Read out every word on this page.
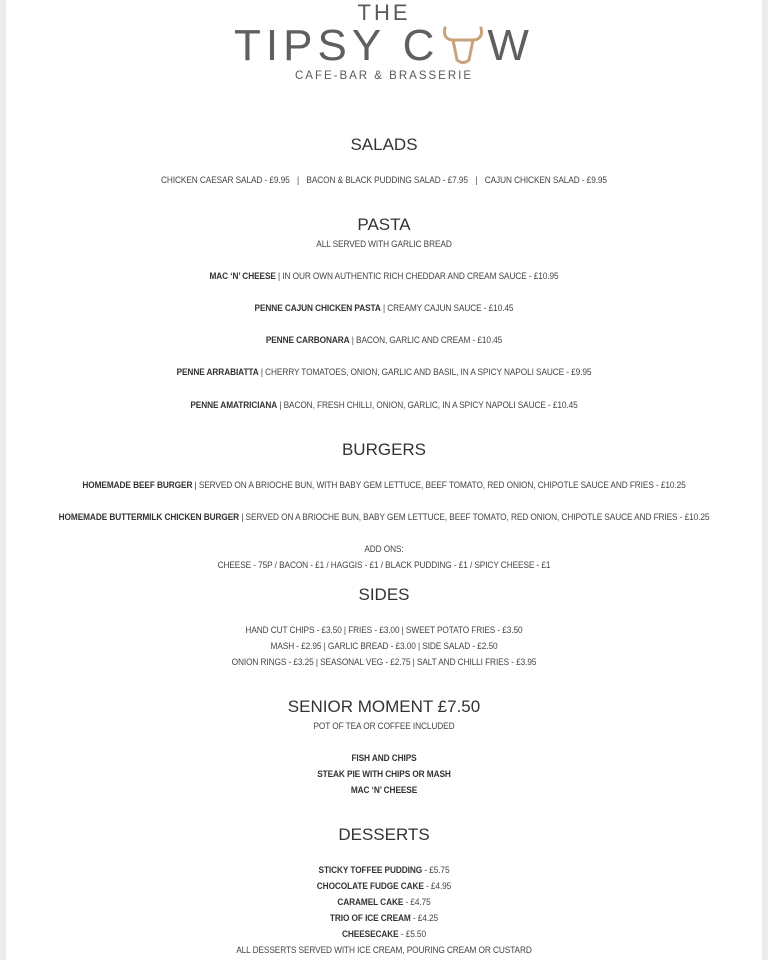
THE
TIPSY C W
CAFE-BAR & BRASSERIE
SALADS
CHICKEN CAESAR SALAD - £9.95 | BACON & BLACK PUDDING SALAD - £7.95 | CAJUN CHICKEN SALAD - £9.95
PASTA
ALL SERVED WITH GARLIC BREAD
MAC ‘N’ CHEESE | IN OUR OWN AUTHENTIC RICH CHEDDAR AND CREAM SAUCE - £10.95
PENNE CAJUN CHICKEN PASTA | CREAMY CAJUN SAUCE - £10.45
PENNE CARBONARA | BACON, GARLIC AND CREAM - £10.45
PENNE ARRABIATTA | CHERRY TOMATOES, ONION, GARLIC AND BASIL, IN A SPICY NAPOLI SAUCE - £9.95
PENNE AMATRICIANA | BACON, FRESH CHILLI, ONION, GARLIC, IN A SPICY NAPOLI SAUCE - £10.45
BURGERS
HOMEMADE BEEF BURGER | SERVED ON A BRIOCHE BUN, WITH BABY GEM LETTUCE, BEEF TOMATO, RED ONION, CHIPOTLE SAUCE AND FRIES - £10.25
HOMEMADE BUTTERMILK CHICKEN BURGER | SERVED ON A BRIOCHE BUN, BABY GEM LETTUCE, BEEF TOMATO, RED ONION, CHIPOTLE SAUCE AND FRIES - £10.25
ADD ONS:
CHEESE - 75P / BACON - £1 / HAGGIS - £1 / BLACK PUDDING - £1 / SPICY CHEESE - £1
SIDES
HAND CUT CHIPS - £3.50 | FRIES - £3.00 | SWEET POTATO FRIES - £3.50
MASH - £2.95 | GARLIC BREAD - £3.00 | SIDE SALAD - £2.50
ONION RINGS - £3.25 | SEASONAL VEG - £2.75 | SALT AND CHILLI FRIES - £3.95
SENIOR MOMENT £7.50
POT OF TEA OR COFFEE INCLUDED
FISH AND CHIPS
STEAK PIE WITH CHIPS OR MASH
MAC ‘N’ CHEESE
DESSERTS
STICKY TOFFEE PUDDING - £5.75
CHOCOLATE FUDGE CAKE - £4.95
CARAMEL CAKE - £4.75
TRIO OF ICE CREAM - £4.25
CHEESECAKE - £5.50
ALL DESSERTS SERVED WITH ICE CREAM, POURING CREAM OR CUSTARD
